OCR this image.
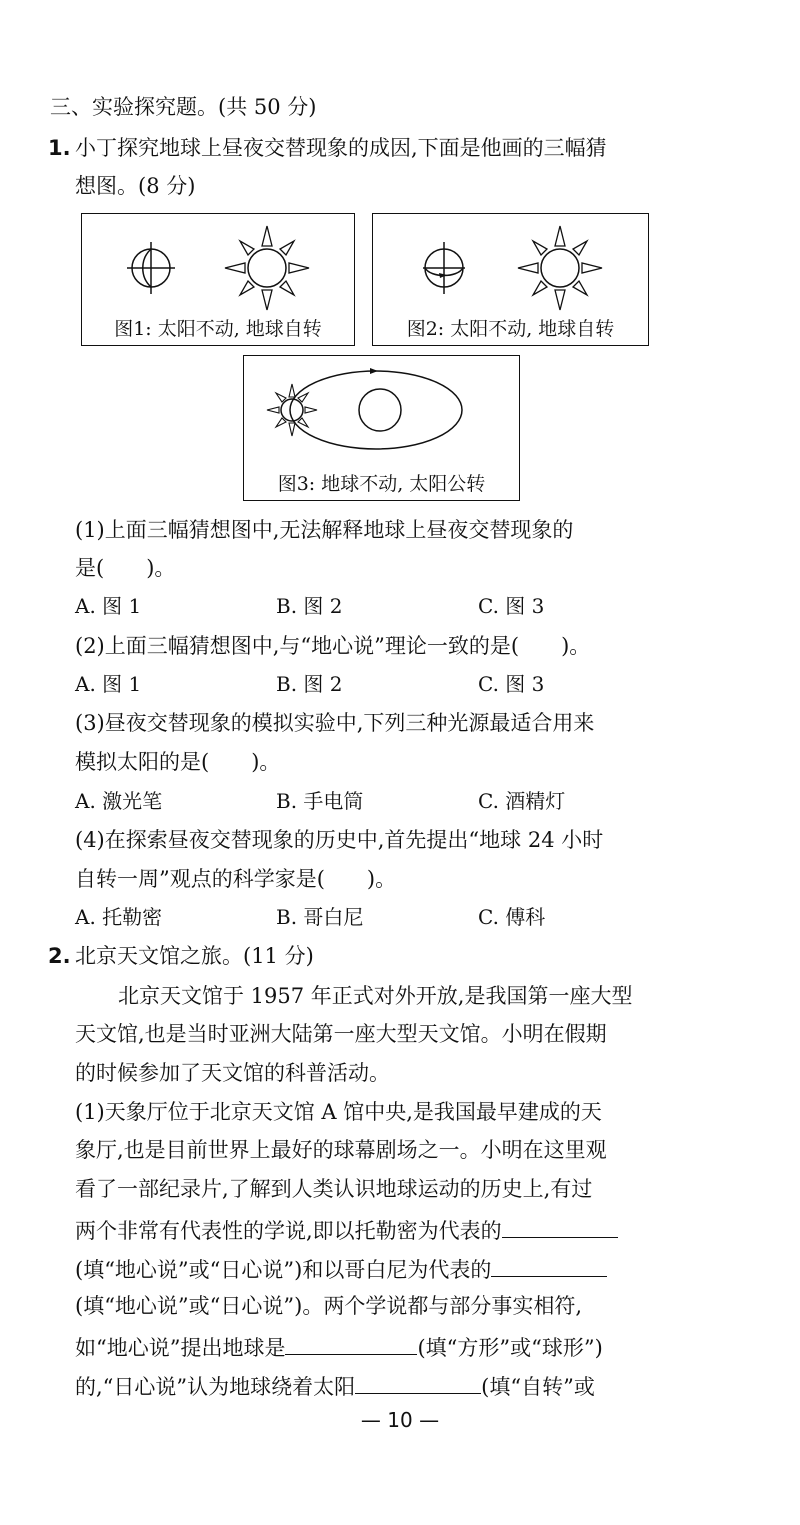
三、实验探究题。(共 50 分)
1. 小丁探究地球上昼夜交替现象的成因,下面是他画的三幅猜
想图。(8 分)
图1: 太阳不动, 地球自转	图2: 太阳不动, 地球自转
图3: 地球不动, 太阳公转
(1)上面三幅猜想图中,无法解释地球上昼夜交替现象的
是(　　)。
A. 图 1	B. 图 2	C. 图 3
(2)上面三幅猜想图中,与“地心说”理论一致的是(　　)。
A. 图 1	B. 图 2	C. 图 3
(3)昼夜交替现象的模拟实验中,下列三种光源最适合用来
模拟太阳的是(　　)。
A. 激光笔	B. 手电筒	C. 酒精灯
(4)在探索昼夜交替现象的历史中,首先提出“地球 24 小时
自转一周”观点的科学家是(　　)。
A. 托勒密	B. 哥白尼	C. 傅科
2. 北京天文馆之旅。(11 分)
北京天文馆于 1957 年正式对外开放,是我国第一座大型
天文馆,也是当时亚洲大陆第一座大型天文馆。小明在假期
的时候参加了天文馆的科普活动。
(1)天象厅位于北京天文馆 A 馆中央,是我国最早建成的天
象厅,也是目前世界上最好的球幕剧场之一。小明在这里观
看了一部纪录片,了解到人类认识地球运动的历史上,有过
两个非常有代表性的学说,即以托勒密为代表的
(填“地心说”或“日心说”)和以哥白尼为代表的
(填“地心说”或“日心说”)。两个学说都与部分事实相符,
如“地心说”提出地球是	(填“方形”或“球形”)
的,“日心说”认为地球绕着太阳	(填“自转”或
— 10 —
